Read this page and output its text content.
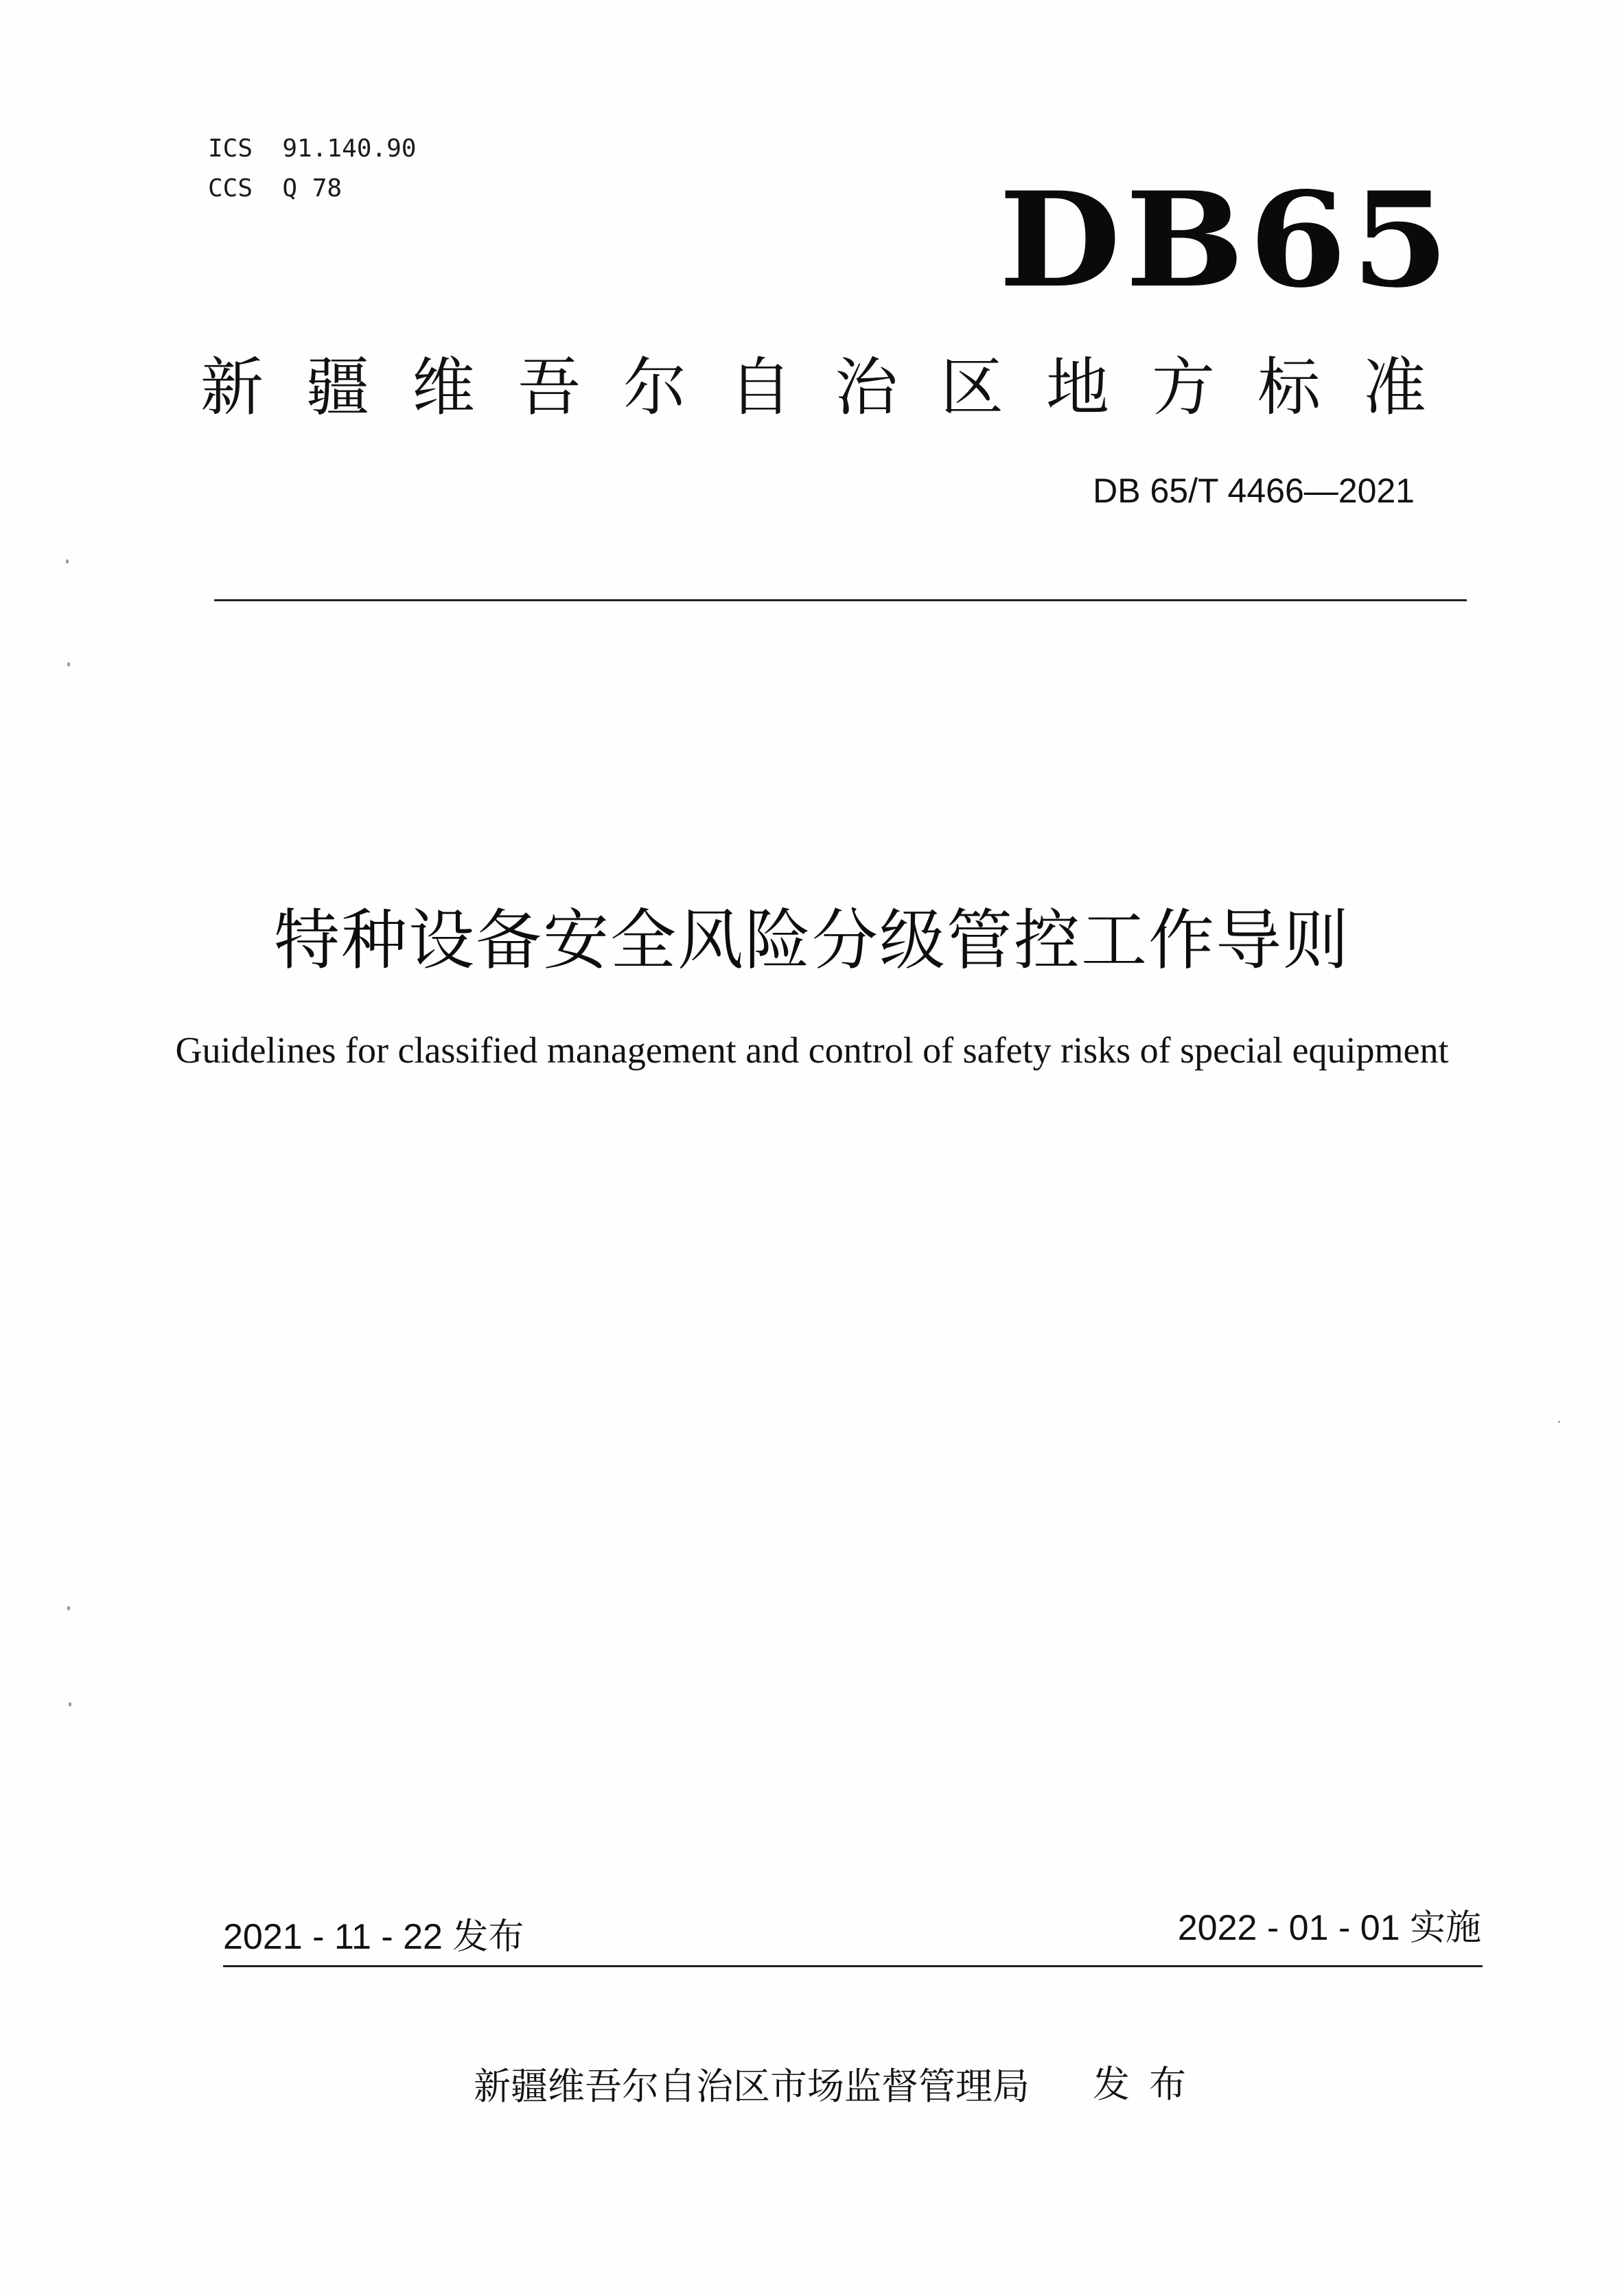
ICS  91.140.90
CCS  Q 78	DB65
新疆维吾尔自治区地方标准
DB 65/T 4466—2021
特种设备安全风险分级管控工作导则
Guidelines for classified management and control of safety risks of special equipment
2021 - 11 - 22 发布	2022 - 01 - 01 实施
新疆维吾尔自治区市场监督管理局 发布
